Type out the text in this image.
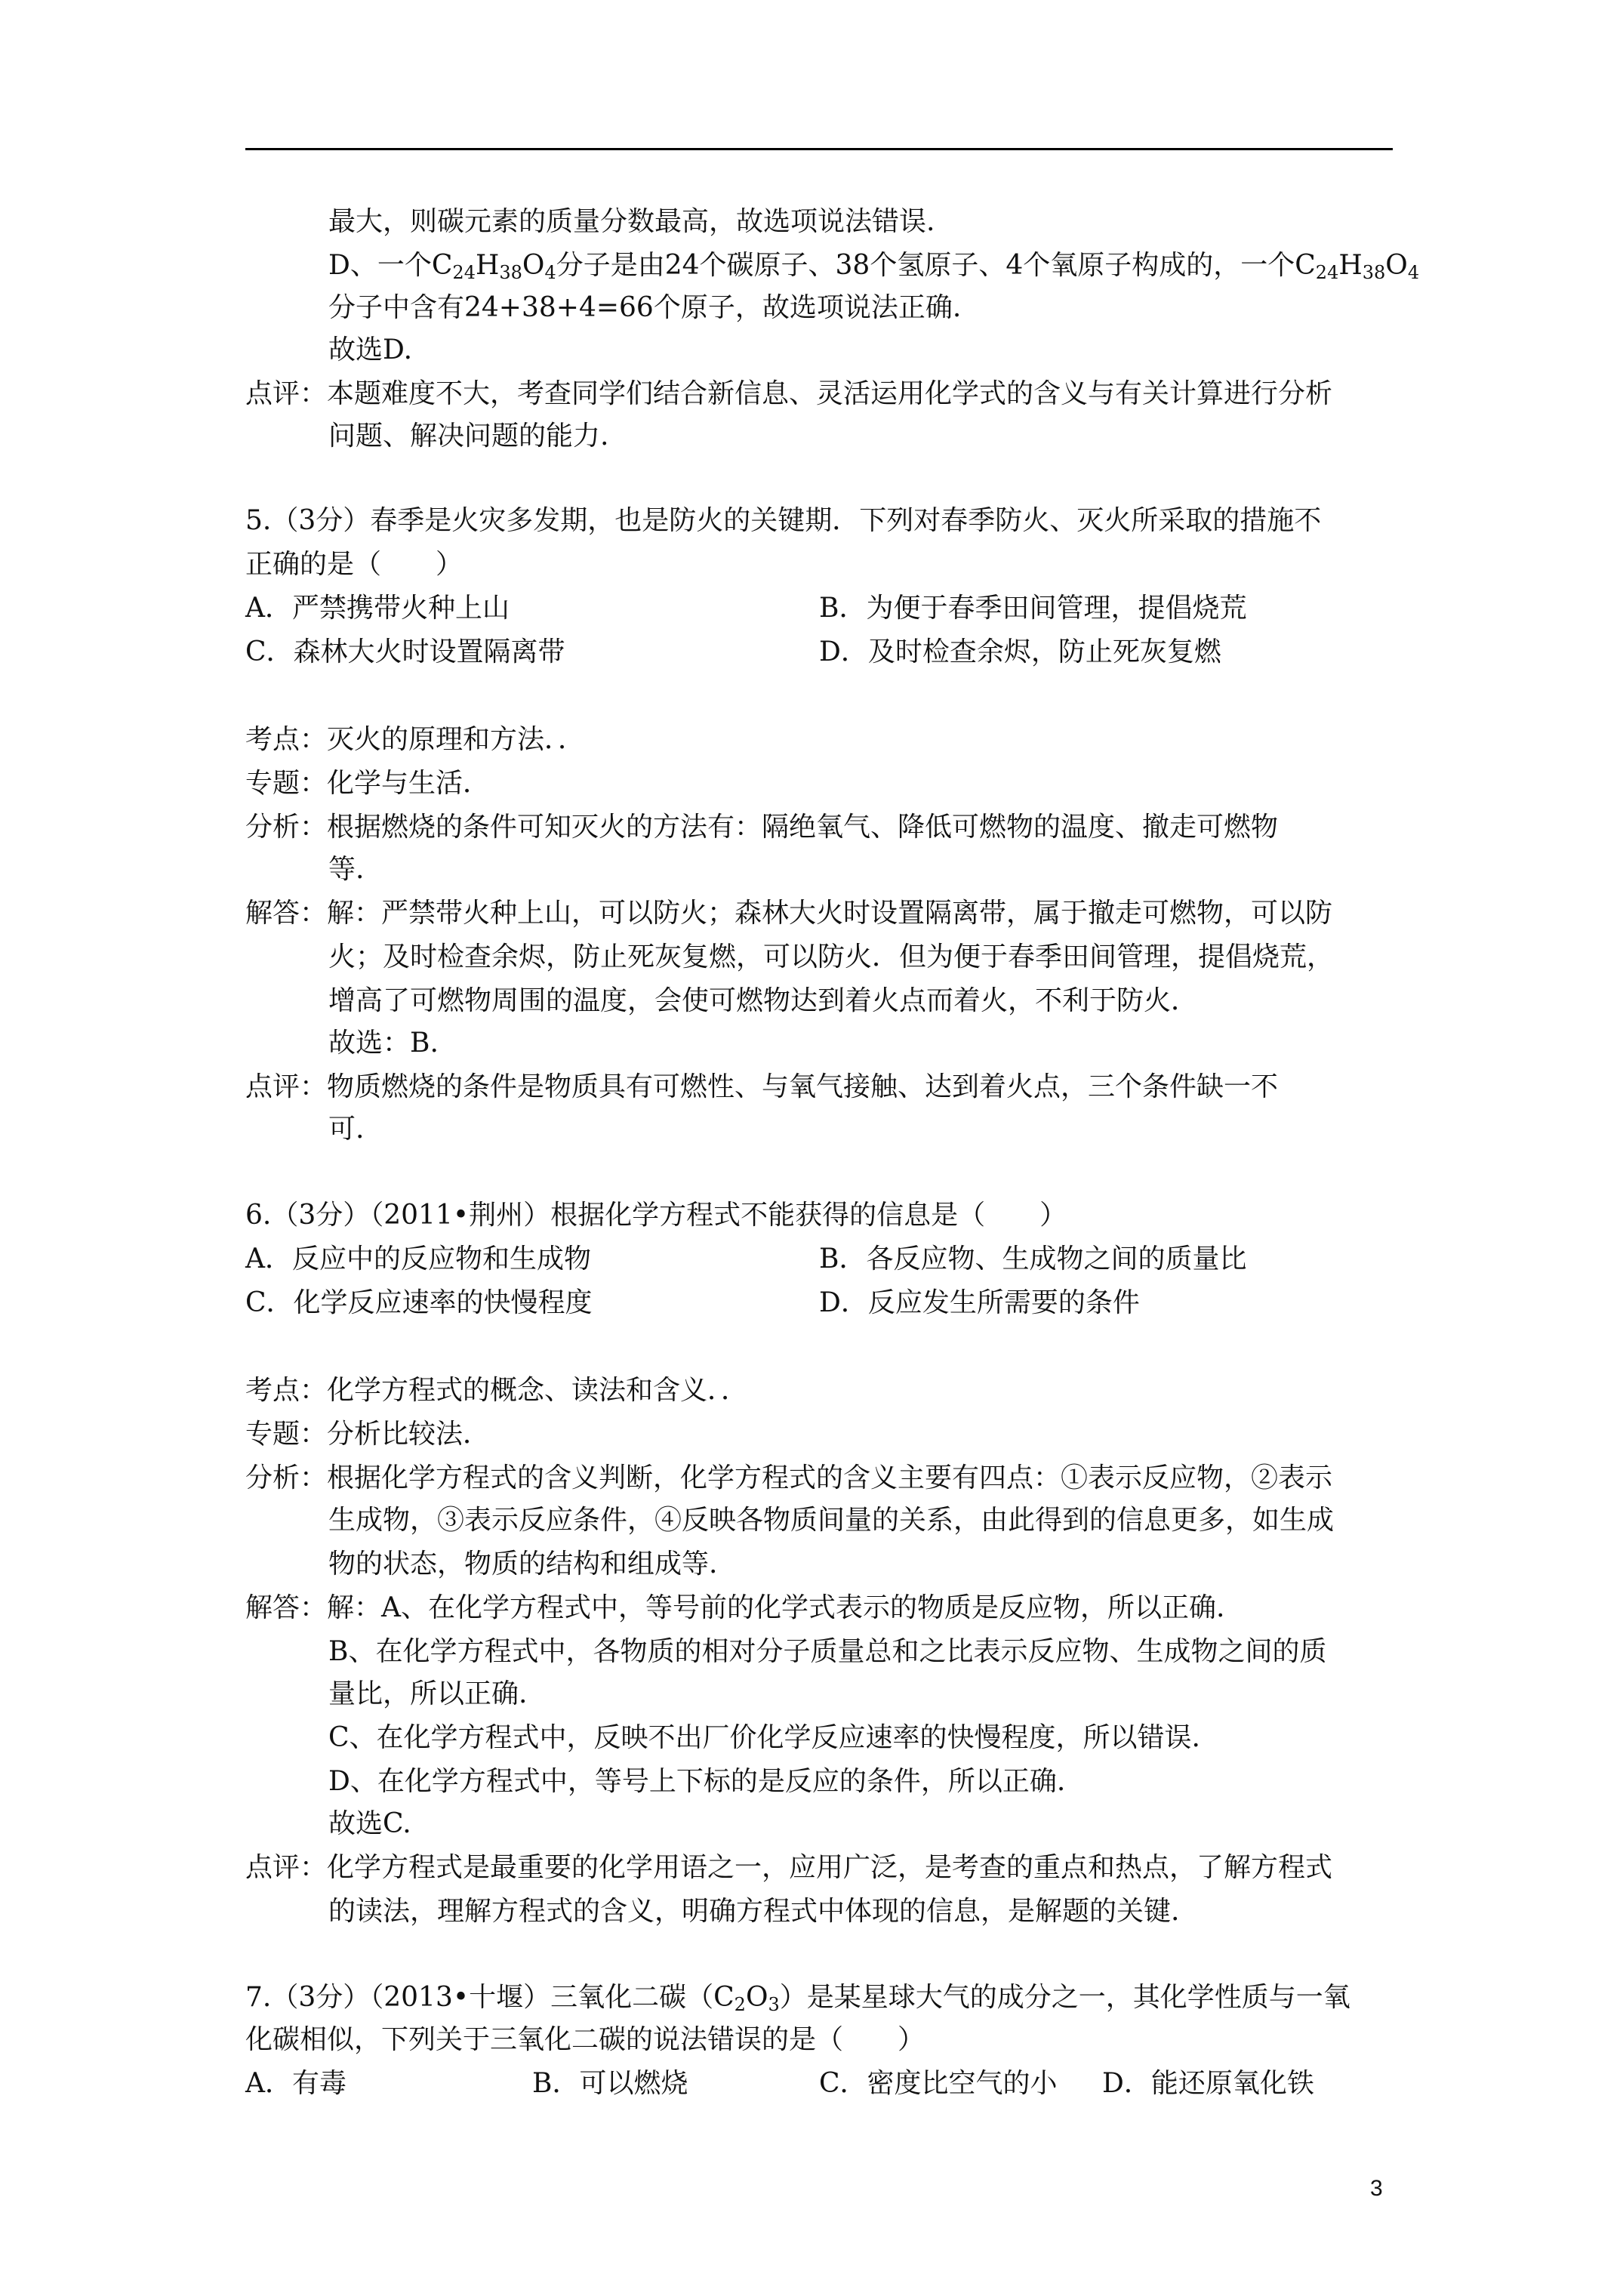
最大，则碳元素的质量分数最高，故选项说法错误.
D、一个$C_{24}H_{38}O_4$分子是由24个碳原子、38个氢原子、4个氧原子构成的，一个$C_{24}H_{38}O_4$
分子中含有24+38+4=66个原子，故选项说法正确.
故选D.
点评：本题难度不大，考查同学们结合新信息、灵活运用化学式的含义与有关计算进行分析
问题、解决问题的能力.
5.（3分）春季是火灾多发期，也是防火的关键期．下列对春季防火、灭火所采取的措施不
正确的是（　　）
A．严禁携带火种上山	B．为便于春季田间管理，提倡烧荒
C．森林大火时设置隔离带	D．及时检查余烬，防止死灰复燃
考点：灭火的原理和方法．．
专题：化学与生活．
分析：根据燃烧的条件可知灭火的方法有：隔绝氧气、降低可燃物的温度、撤走可燃物
等.
解答：解：严禁带火种上山，可以防火；森林大火时设置隔离带，属于撤走可燃物，可以防
火；及时检查余烬，防止死灰复燃，可以防火．但为便于春季田间管理，提倡烧荒，
增高了可燃物周围的温度，会使可燃物达到着火点而着火，不利于防火．
故选：B.
点评：物质燃烧的条件是物质具有可燃性、与氧气接触、达到着火点，三个条件缺一不
可.
6.（3分）（2011•荆州）根据化学方程式不能获得的信息是（　　）
A．反应中的反应物和生成物	B．各反应物、生成物之间的质量比
C．化学反应速率的快慢程度	D．反应发生所需要的条件
考点：化学方程式的概念、读法和含义．．
专题：分析比较法．
分析：根据化学方程式的含义判断，化学方程式的含义主要有四点：①表示反应物，②表示
生成物，③表示反应条件，④反映各物质间量的关系，由此得到的信息更多，如生成
物的状态，物质的结构和组成等.
解答：解：A、在化学方程式中，等号前的化学式表示的物质是反应物，所以正确.
B、在化学方程式中，各物质的相对分子质量总和之比表示反应物、生成物之间的质
量比，所以正确.
C、在化学方程式中，反映不出厂价化学反应速率的快慢程度，所以错误.
D、在化学方程式中，等号上下标的是反应的条件，所以正确.
故选C.
点评：化学方程式是最重要的化学用语之一，应用广泛，是考查的重点和热点，了解方程式
的读法，理解方程式的含义，明确方程式中体现的信息，是解题的关键.
7.（3分）（2013•十堰）三氧化二碳$(C_2O_3)$是某星球大气的成分之一，其化学性质与一氧
化碳相似，下列关于三氧化二碳的说法错误的是（　　）
A．有毒	B．可以燃烧	C．密度比空气的小 D．能还原氧化铁
3
